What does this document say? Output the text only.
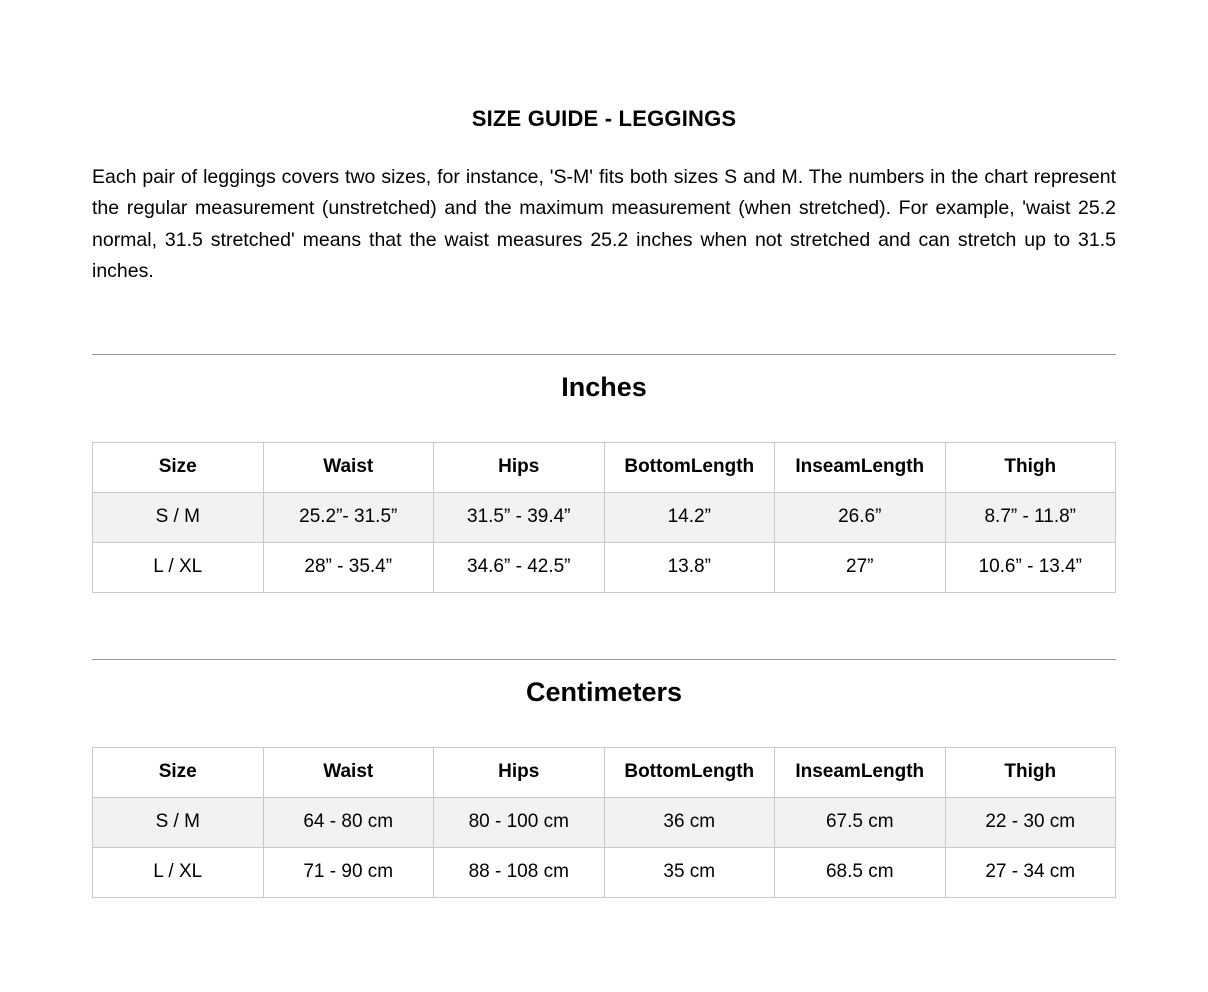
SIZE GUIDE - LEGGINGS

Each pair of leggings covers two sizes, for instance, 'S-M' fits both sizes S and M. The numbers in the chart represent the regular measurement (unstretched) and the maximum measurement (when stretched). For example, 'waist 25.2 normal, 31.5 stretched' means that the waist measures 25.2 inches when not stretched and can stretch up to 31.5 inches.

Inches
Size	Waist	Hips	BottomLength	InseamLength	Thigh
S / M	25.2”- 31.5”	31.5” - 39.4”	14.2”	26.6”	8.7” - 11.8”
L / XL	28” - 35.4”	34.6” - 42.5”	13.8”	27”	10.6” - 13.4”
Centimeters
Size	Waist	Hips	BottomLength	InseamLength	Thigh
S / M	64 - 80 cm	80 - 100 cm	36 cm	67.5 cm	22 - 30 cm
L / XL	71 - 90 cm	88 - 108 cm	35 cm	68.5 cm	27 - 34 cm
